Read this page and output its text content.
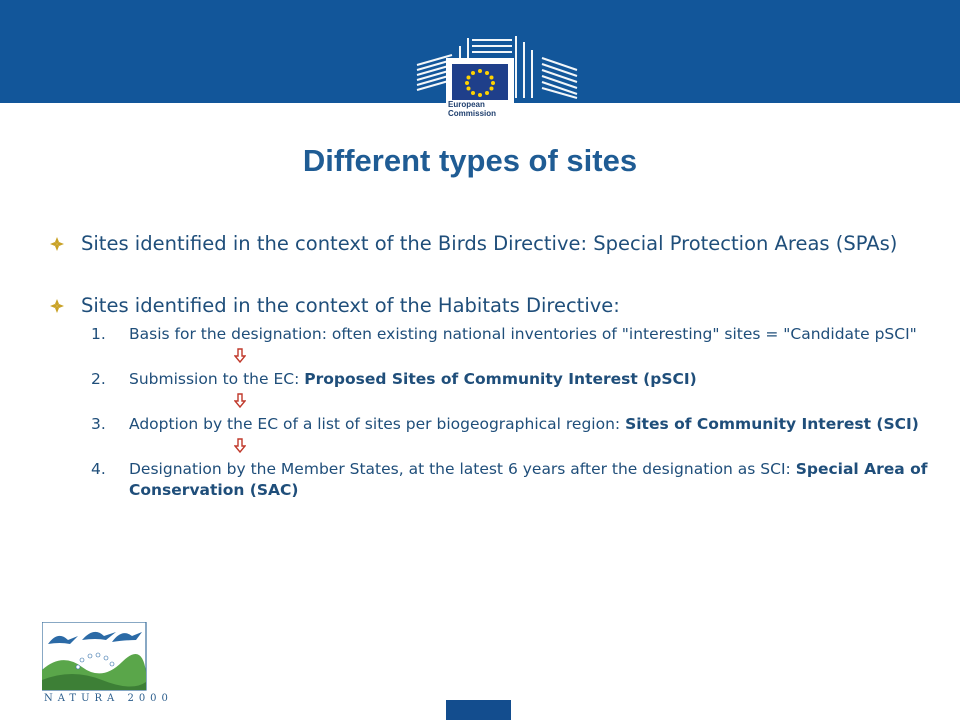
European
Commission
Different types of sites
Sites identified in the context of the Birds Directive: Special Protection Areas (SPAs)
Sites identified in the context of the Habitats Directive:
1. Basis for the designation: often existing national inventories of "interesting" sites = "Candidate pSCI"
2. Submission to the EC: Proposed Sites of Community Interest (pSCI)
3. Adoption by the EC of a list of sites per biogeographical region: Sites of Community Interest (SCI)
4. Designation by the Member States, at the latest 6 years after the designation as SCI: Special Area of Conservation (SAC)
NATURA 2000
